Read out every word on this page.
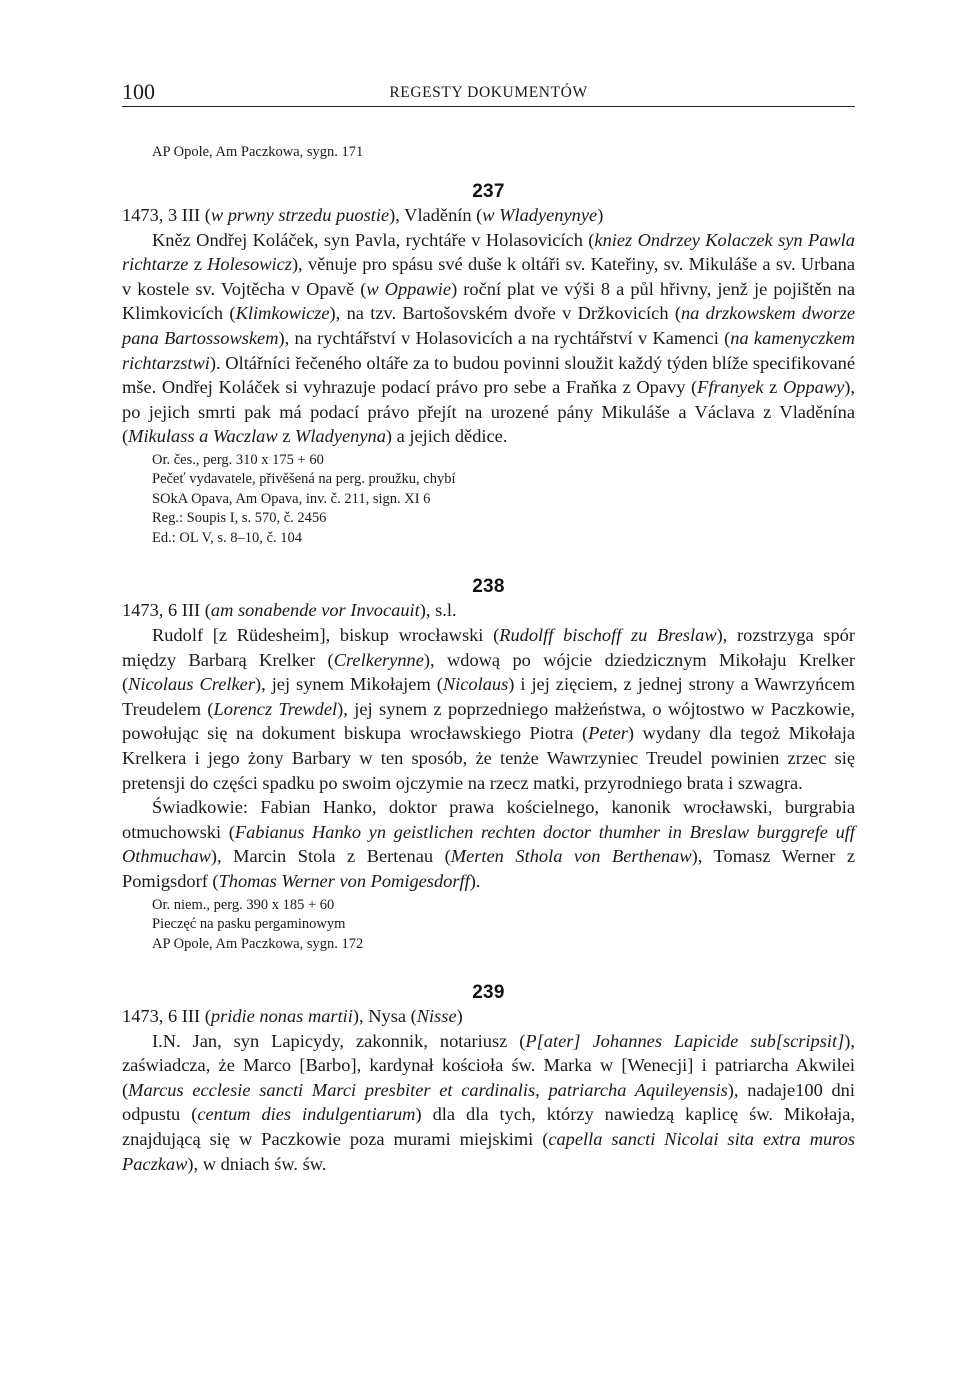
100	REGESTY DOKUMENTÓW
AP Opole, Am Paczkowa, sygn. 171
237

1473, 3 III (w prwny strzedu puostie), Vladěnín (w Wladyenynye)

Kněz Ondřej Koláček, syn Pavla, rychtáře v Holasovicích (kniez Ondrzey Kolaczek syn Pawla richtarze z Holesowicz), věnuje pro spásu své duše k oltáři sv. Kateřiny, sv. Mikuláše a sv. Urbana v kostele sv. Vojtěcha v Opavě (w Oppawie) roční plat ve výši 8 a půl hřivny, jenž je pojištěn na Klimkovicích (Klimkowicze), na tzv. Bartošovském dvoře v Držkovicích (na drzkowskem dworze pana Bartossowskem), na rychtářství v Holasovicích a na rychtářství v Kamenci (na kamenyczkem richtarzstwi). Oltářníci řečeného oltáře za to budou povinni sloužit každý týden blíže specifikované mše. Ondřej Koláček si vyhrazuje podací právo pro sebe a Fraňka z Opavy (Ffranyek z Oppawy), po jejich smrti pak má podací právo přejít na urozené pány Mikuláše a Václava z Vladěnína (Mikulass a Waczlaw z Wladyenyna) a jejich dědice.

Or. čes., perg. 310 x 175 + 60
Pečeť vydavatele, přivěšená na perg. proužku, chybí
SOkA Opava, Am Opava, inv. č. 211, sign. XI 6
Reg.: Soupis I, s. 570, č. 2456
Ed.: OL V, s. 8–10, č. 104
238

1473, 6 III (am sonabende vor Invocauit), s.l.

Rudolf [z Rüdesheim], biskup wrocławski (Rudolff bischoff zu Breslaw), rozstrzyga spór między Barbarą Krelker (Crelkerynne), wdową po wójcie dziedzicznym Mikołaju Krelker (Nicolaus Crelker), jej synem Mikołajem (Nicolaus) i jej zięciem, z jednej strony a Wawrzyńcem Treudelem (Lorencz Trewdel), jej synem z poprzedniego małżeństwa, o wójtostwo w Paczkowie, powołując się na dokument biskupa wrocławskiego Piotra (Peter) wydany dla tegoż Mikołaja Krelkera i jego żony Barbary w ten sposób, że tenże Wawrzyniec Treudel powinien zrzec się pretensji do części spadku po swoim ojczymie na rzecz matki, przyrodniego brata i szwagra.

Świadkowie: Fabian Hanko, doktor prawa kościelnego, kanonik wrocławski, burgrabia otmuchowski (Fabianus Hanko yn geistlichen rechten doctor thumher in Breslaw burggrefe uff Othmuchaw), Marcin Stola z Bertenau (Merten Sthola von Berthenaw), Tomasz Werner z Pomigsdorf (Thomas Werner von Pomigesdorff).

Or. niem., perg. 390 x 185 + 60
Pieczęć na pasku pergaminowym
AP Opole, Am Paczkowa, sygn. 172
239

1473, 6 III (pridie nonas martii), Nysa (Nisse)

I.N. Jan, syn Lapicydy, zakonnik, notariusz (P[ater] Johannes Lapicide sub[scripsit]), zaświadcza, że Marco [Barbo], kardynał kościoła św. Marka w [Wenecji] i patriarcha Akwilei (Marcus ecclesie sancti Marci presbiter et cardinalis, patriarcha Aquileyensis), nadaje100 dni odpustu (centum dies indulgentiarum) dla dla tych, którzy nawiedzą kaplicę św. Mikołaja, znajdującą się w Paczkowie poza murami miejskimi (capella sancti Nicolai sita extra muros Paczkaw), w dniach św. św.
